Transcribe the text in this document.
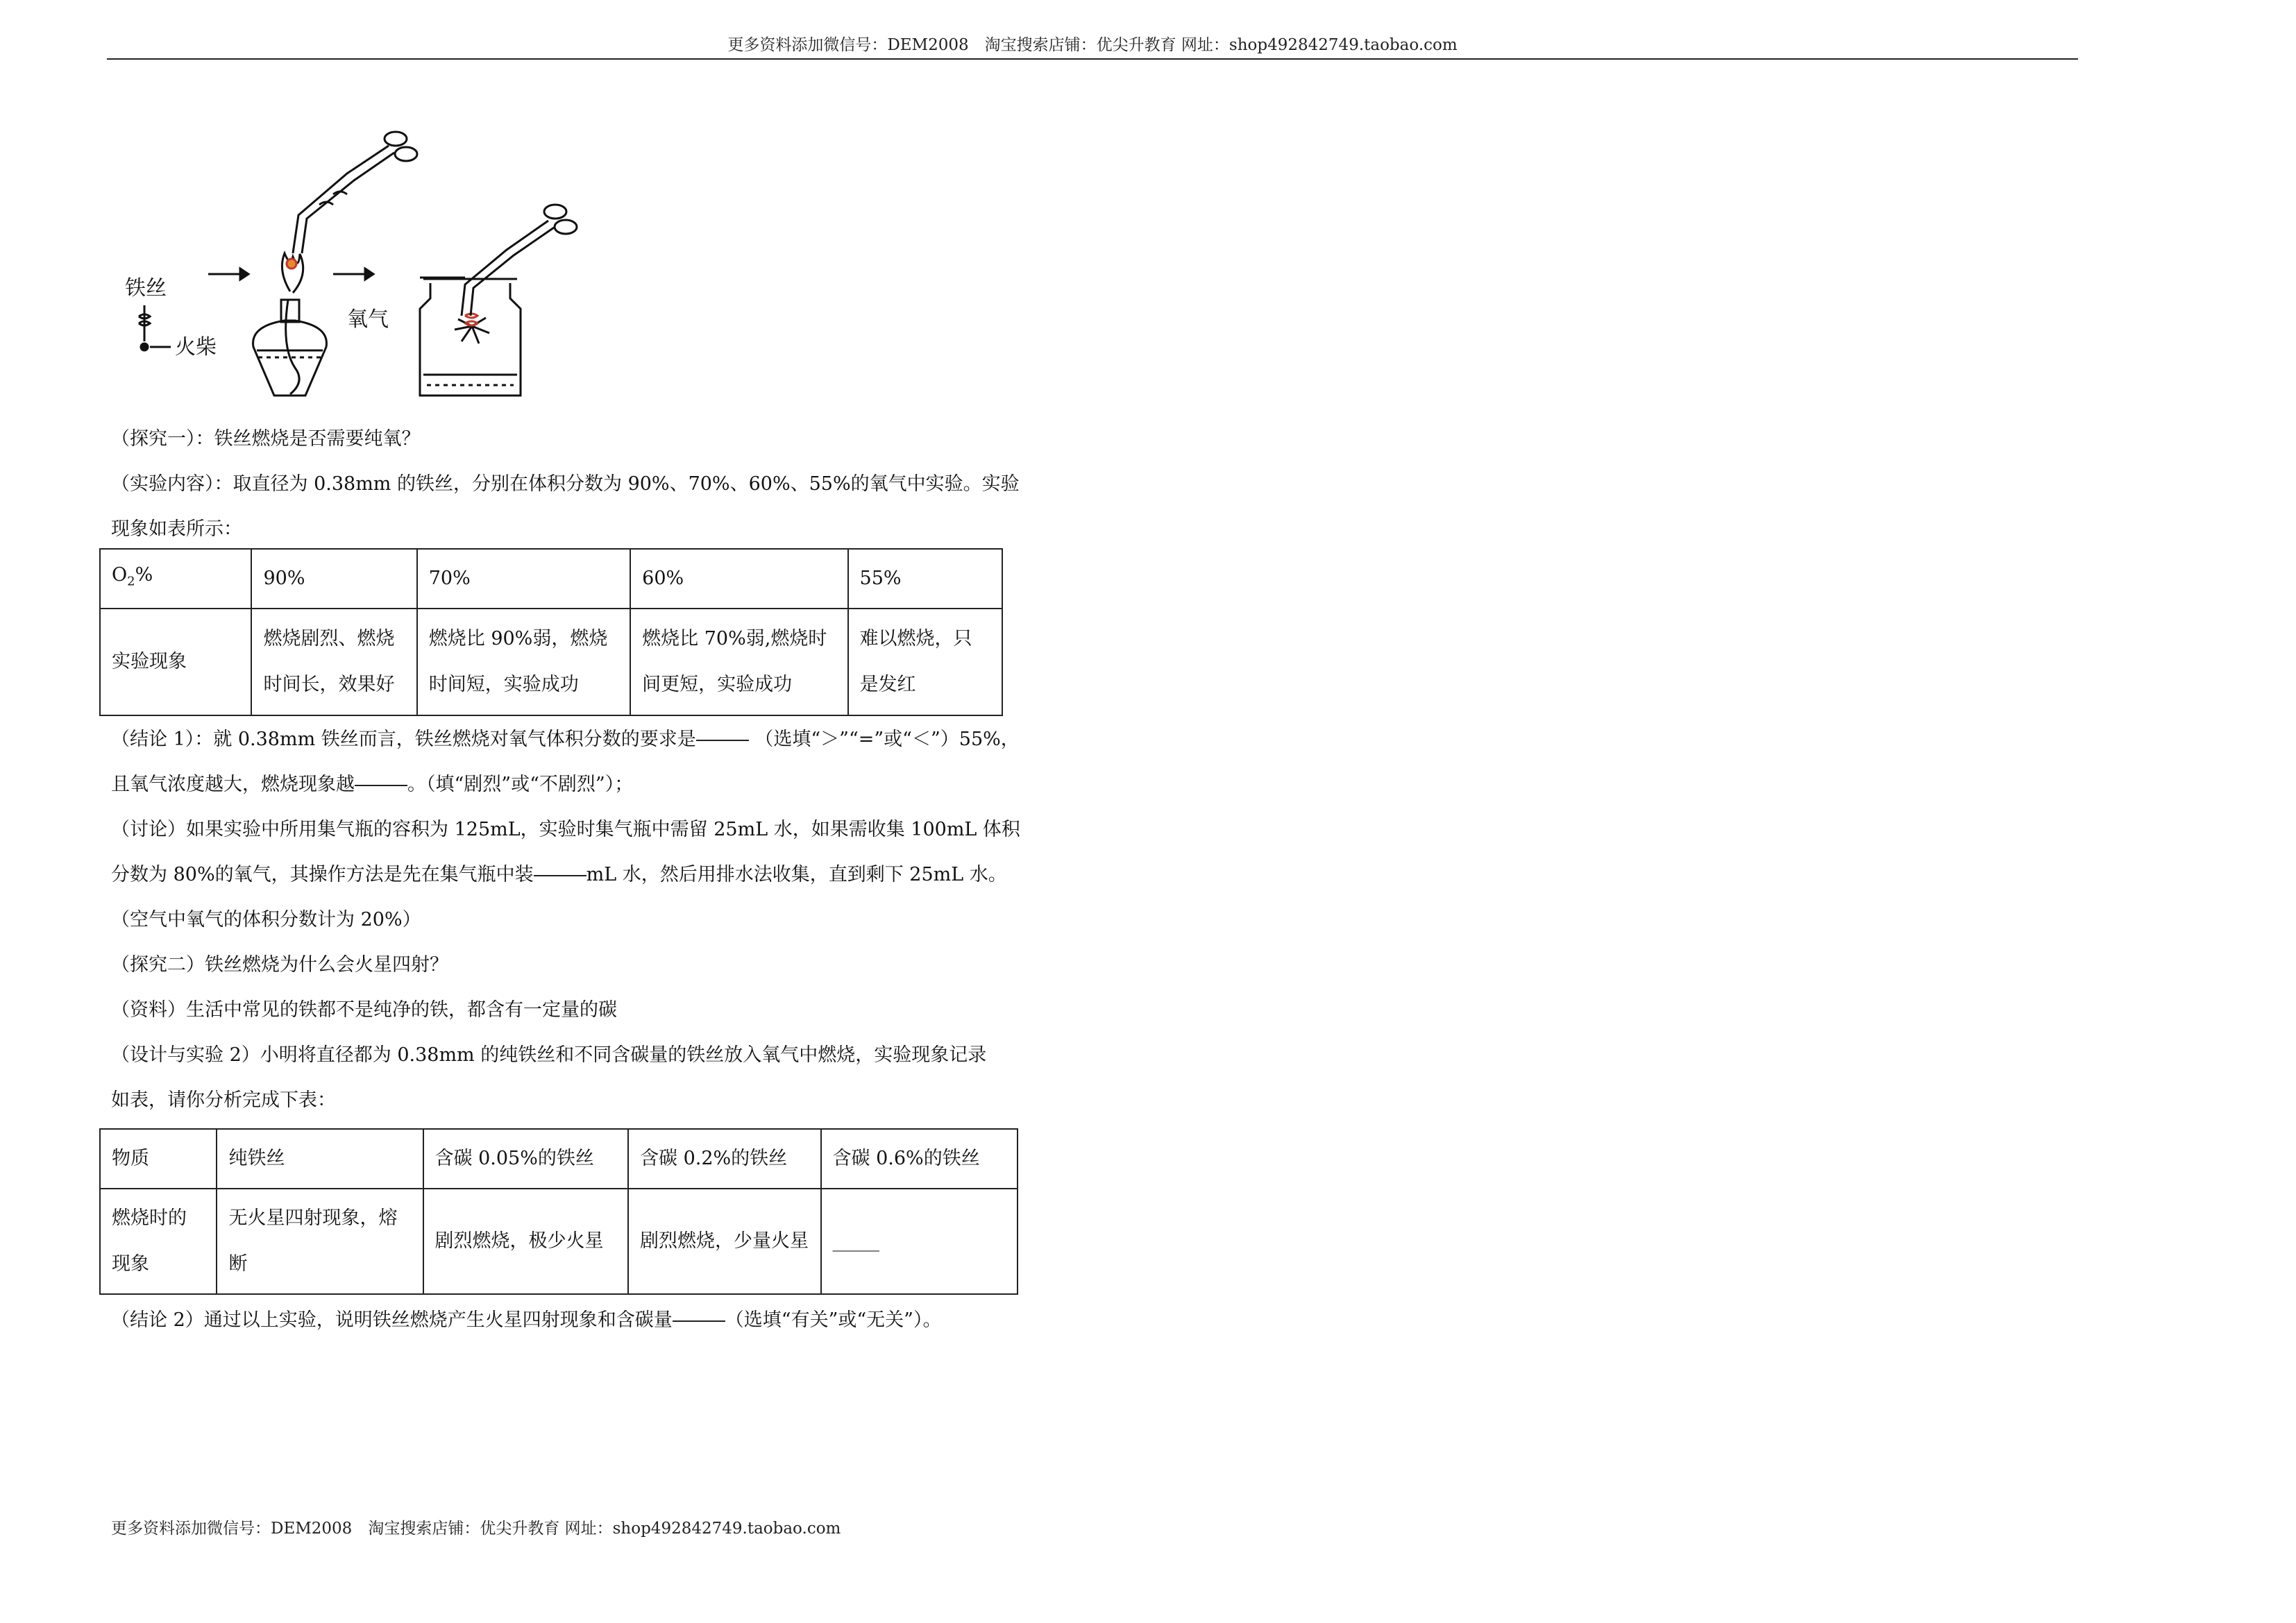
更多资料添加微信号：DEM2008　淘宝搜索店铺：优尖升教育 网址：shop492842749.taobao.com
铁丝
火柴
氧气
（探究一）：铁丝燃烧是否需要纯氧？
（实验内容）：取直径为 0.38mm 的铁丝，分别在体积分数为 90%、70%、60%、55%的氧气中实验。实验
现象如表所示：
$O_2\%$	90%	70%	60%	55%
实验现象	燃烧剧烈、燃烧时间长，效果好	燃烧比 90%弱，燃烧时间短，实验成功	燃烧比 70%弱,燃烧时间更短，实验成功	难以燃烧，只是发红
（结论 1）：就 0.38mm 铁丝而言，铁丝燃烧对氧气体积分数的要求是	（选填“＞”“=”或“＜”）55%，
且氧气浓度越大，燃烧现象越	。（填“剧烈”或“不剧烈”）；
（讨论）如果实验中所用集气瓶的容积为 125mL，实验时集气瓶中需留 25mL 水，如果需收集 100mL 体积
分数为 80%的氧气，其操作方法是先在集气瓶中装	mL 水，然后用排水法收集，直到剩下 25mL 水。
（空气中氧气的体积分数计为 20%）
（探究二）铁丝燃烧为什么会火星四射？
（资料）生活中常见的铁都不是纯净的铁，都含有一定量的碳
（设计与实验 2）小明将直径都为 0.38mm 的纯铁丝和不同含碳量的铁丝放入氧气中燃烧，实验现象记录
如表，请你分析完成下表：
物质	纯铁丝	含碳 0.05%的铁丝	含碳 0.2%的铁丝	含碳 0.6%的铁丝
燃烧时的现象	无火星四射现象，熔断	剧烈燃烧，极少火星	剧烈燃烧，少量火星	_____
（结论 2）通过以上实验，说明铁丝燃烧产生火星四射现象和含碳量	（选填“有关”或“无关”）。
更多资料添加微信号：DEM2008　淘宝搜索店铺：优尖升教育 网址：shop492842749.taobao.com
